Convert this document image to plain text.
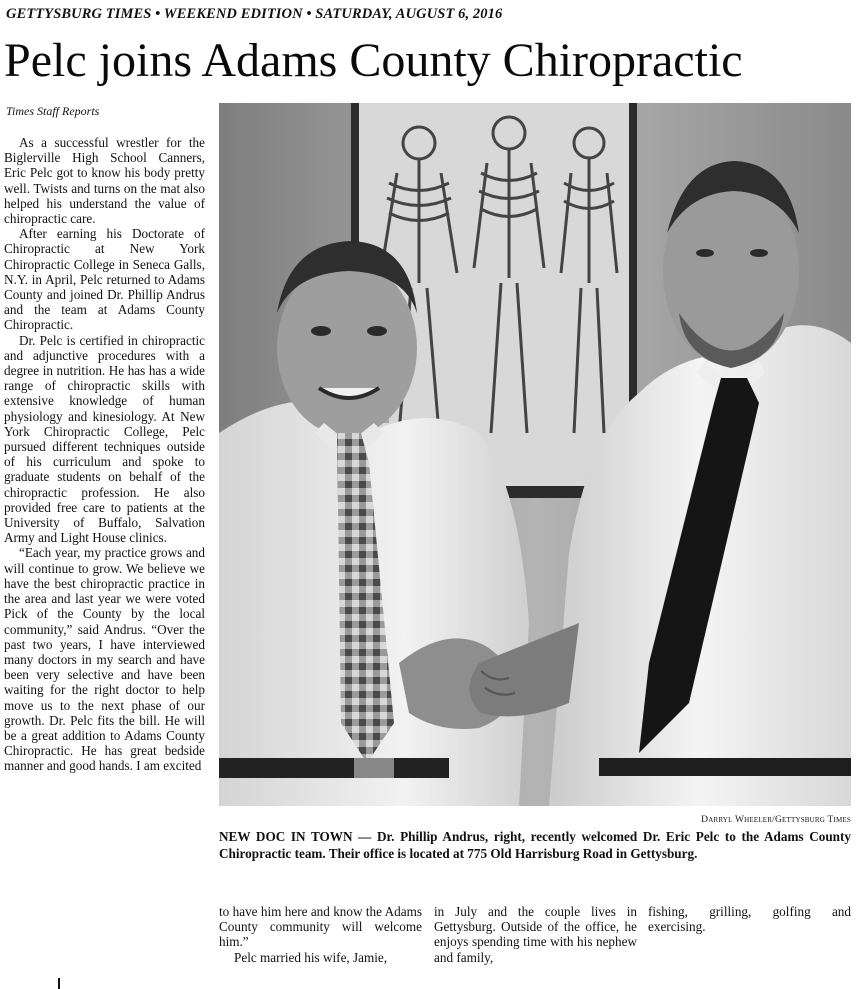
GETTYSBURG TIMES • WEEKEND EDITION • SATURDAY, AUGUST 6, 2016
Pelc joins Adams County Chiropractic
Times Staff Reports

As a successful wrestler for the Biglerville High School Canners, Eric Pelc got to know his body pretty well. Twists and turns on the mat also helped his understand the value of chiropractic care.

After earning his Doctorate of Chiropractic at New York Chiropractic College in Seneca Galls, N.Y. in April, Pelc returned to Adams County and joined Dr. Phillip Andrus and the team at Adams County Chiropractic.

Dr. Pelc is certified in chiropractic and adjunctive procedures with a degree in nutrition. He has has a wide range of chiropractic skills with extensive knowledge of human physiology and kinesiology. At New York Chiropractic College, Pelc pursued different techniques outside of his curriculum and spoke to graduate students on behalf of the chiropractic profession. He also provided free care to patients at the University of Buffalo, Salvation Army and Light House clinics.

“Each year, my practice grows and will continue to grow. We believe we have the best chiropractic practice in the area and last year we were voted Pick of the County by the local community,” said Andrus. “Over the past two years, I have interviewed many doctors in my search and have been very selective and have been waiting for the right doctor to help move us to the next phase of our growth. Dr. Pelc fits the bill. He will be a great addition to Adams County Chiropractic. He has great bedside manner and good hands. I am excited

Darryl Wheeler/Gettysburg Times
NEW DOC IN TOWN — Dr. Phillip Andrus, right, recently welcomed Dr. Eric Pelc to the Adams County Chiropractic team. Their office is located at 775 Old Harrisburg Road in Gettysburg.

to have him here and know the Adams County community will welcome him.”

Pelc married his wife, Jamie,

in July and the couple lives in Gettysburg. Outside of the office, he enjoys spending time with his nephew and family,

fishing, grilling, golfing and exercising.
